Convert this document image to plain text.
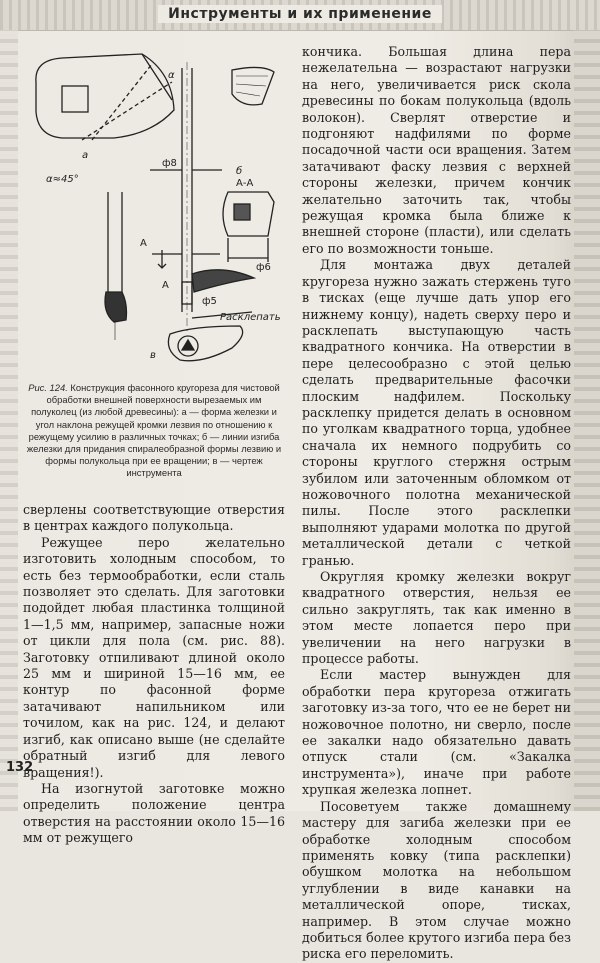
Инструменты и их применение
а
α≈45°
α
ф8
б
А-А
ф6
А
А
ф5
Расклепать
в
Рис. 124. Конструкция фасонного кругореза для чистовой обработки внешней поверхности вырезаемых им полуколец (из любой древесины): а — форма железки и угол наклона режущей кромки лезвия по отношению к режущему усилию в различных точках; б — линии изгиба железки для придания спиралеобразной формы лезвию и формы полукольца при ее вращении; в — чертеж инструмента

сверлены соответствующие отверстия в центрах каждого полукольца.

Режущее перо желательно изготовить холодным способом, то есть без термообработки, если сталь позволяет это сделать. Для заготовки подойдет любая пластинка толщиной 1—1,5 мм, например, запасные ножи от цикли для пола (см. рис. 88). Заготовку отпиливают длиной около 25 мм и шириной 15—16 мм, ее контур по фасонной форме затачивают напильником или точилом, как на рис. 124, и делают изгиб, как описано выше (не сделайте обратный изгиб для левого вращения!).

На изогнутой заготовке можно определить положение центра отверстия на расстоянии около 15—16 мм от режущего

кончика. Большая длина пера нежелательна — возрастают нагрузки на него, увеличивается риск скола древесины по бокам полукольца (вдоль волокон). Сверлят отверстие и подгоняют надфилями по форме посадочной части оси вращения. Затем затачивают фаску лезвия с верхней стороны железки, причем кончик желательно заточить так, чтобы режущая кромка была ближе к внешней стороне (пласти), или сделать его по возможности тоньше.

Для монтажа двух деталей кругореза нужно зажать стержень туго в тисках (еще лучше дать упор его нижнему концу), надеть сверху перо и расклепать выступающую часть квадратного кончика. На отверстии в пере целесообразно с этой целью сделать предварительные фасочки плоским надфилем. Поскольку расклепку придется делать в основном по уголкам квадратного торца, удобнее сначала их немного подрубить со стороны круглого стержня острым зубилом или заточенным обломком от ножовочного полотна механической пилы. После этого расклепки выполняют ударами молотка по другой металлической детали с четкой гранью.

Округляя кромку железки вокруг квадратного отверстия, нельзя ее сильно закруглять, так как именно в этом месте лопается перо при увеличении на него нагрузки в процессе работы.

Если мастер вынужден для обработки пера кругореза отжигать заготовку из-за того, что ее не берет ни ножовочное полотно, ни сверло, после ее закалки надо обязательно давать отпуск стали (см. «Закалка инструмента»), иначе при работе хрупкая железка лопнет.

Посоветуем также домашнему мастеру для загиба железки при ее обработке холодным способом применять ковку (типа расклепки) обушком молотка на небольшом углублении в виде канавки на металлической опоре, тисках, например. В этом случае можно добиться более крутого изгиба пера без риска его переломить.

132
